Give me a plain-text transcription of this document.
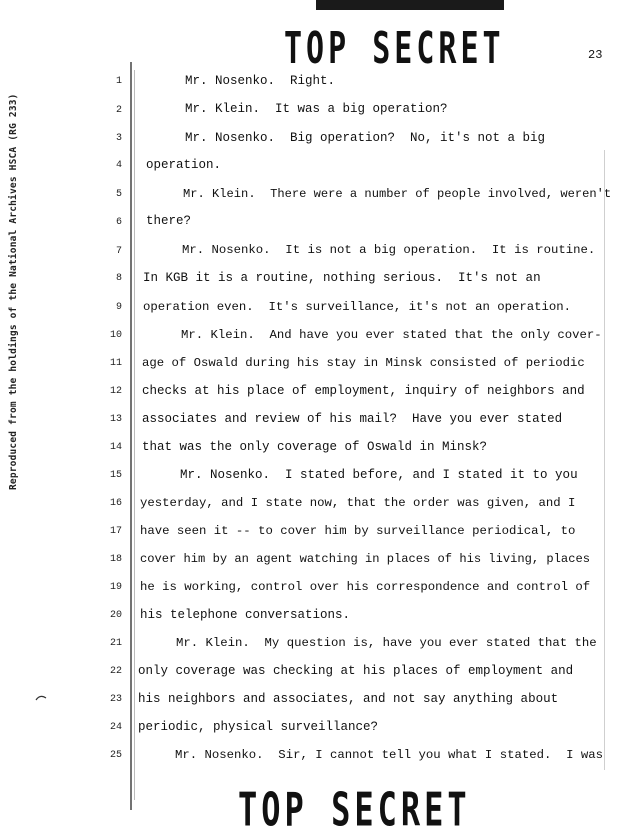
TOP SECRET	23
Reproduced from the holdings of the National Archives HSCA (RG 233)
1
2
3
4
5
6
7
8
9
10
11
12
13
14
15
16
17
18
19
20
21
22
23
24
25
Mr. Nosenko.  Right.
Mr. Klein.  It was a big operation?
Mr. Nosenko.  Big operation?  No, it's not a big
operation.
Mr. Klein.  There were a number of people involved, weren't
there?
Mr. Nosenko.  It is not a big operation.  It is routine.
In KGB it is a routine, nothing serious.  It's not an
operation even.  It's surveillance, it's not an operation.
Mr. Klein.  And have you ever stated that the only cover-
age of Oswald during his stay in Minsk consisted of periodic
checks at his place of employment, inquiry of neighbors and
associates and review of his mail?  Have you ever stated
that was the only coverage of Oswald in Minsk?
Mr. Nosenko.  I stated before, and I stated it to you
yesterday, and I state now, that the order was given, and I
have seen it -- to cover him by surveillance periodical, to
cover him by an agent watching in places of his living, places
he is working, control over his correspondence and control of
his telephone conversations.
Mr. Klein.  My question is, have you ever stated that the
only coverage was checking at his places of employment and
his neighbors and associates, and not say anything about
periodic, physical surveillance?
Mr. Nosenko.  Sir, I cannot tell you what I stated.  I was
TOP SECRET
